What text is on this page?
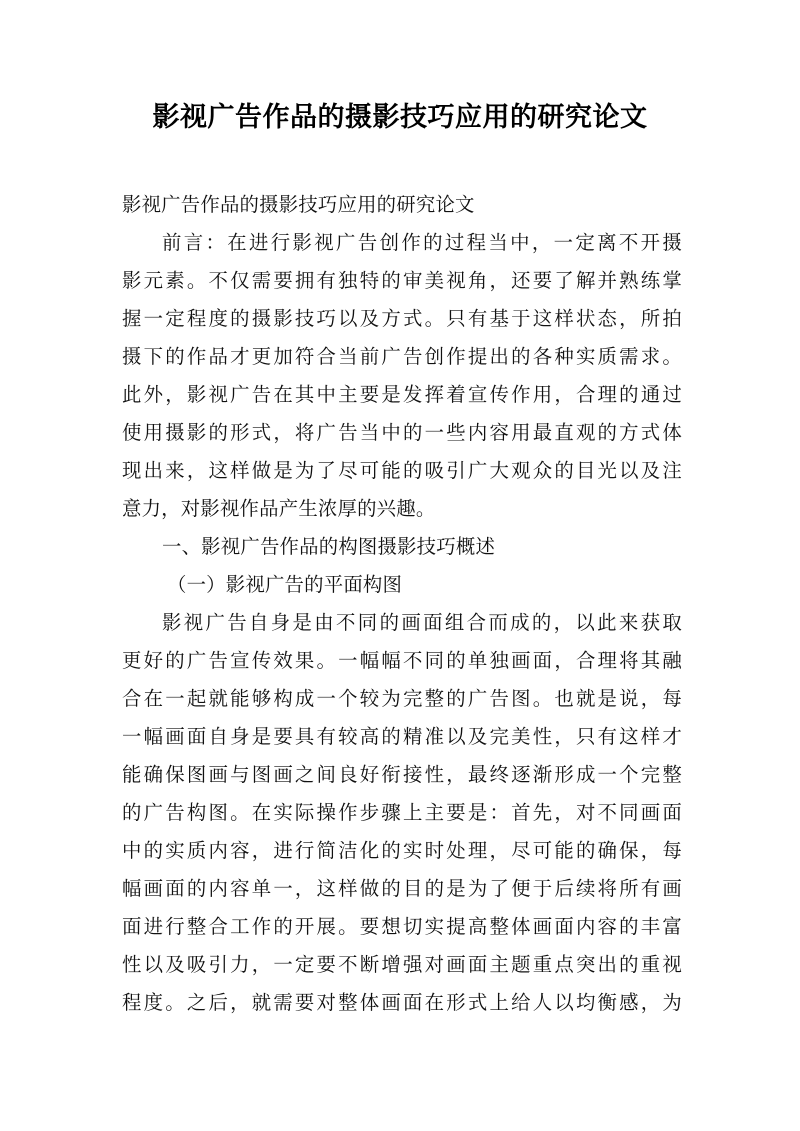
影视广告作品的摄影技巧应用的研究论文
影视广告作品的摄影技巧应用的研究论文
前言：在进行影视广告创作的过程当中，一定离不开摄
影元素。不仅需要拥有独特的审美视角，还要了解并熟练掌
握一定程度的摄影技巧以及方式。只有基于这样状态，所拍
摄下的作品才更加符合当前广告创作提出的各种实质需求。
此外，影视广告在其中主要是发挥着宣传作用，合理的通过
使用摄影的形式，将广告当中的一些内容用最直观的方式体
现出来，这样做是为了尽可能的吸引广大观众的目光以及注
意力，对影视作品产生浓厚的兴趣。
一、影视广告作品的构图摄影技巧概述
（一）影视广告的平面构图
影视广告自身是由不同的画面组合而成的，以此来获取
更好的广告宣传效果。一幅幅不同的单独画面，合理将其融
合在一起就能够构成一个较为完整的广告图。也就是说，每
一幅画面自身是要具有较高的精准以及完美性，只有这样才
能确保图画与图画之间良好衔接性，最终逐渐形成一个完整
的广告构图。在实际操作步骤上主要是：首先，对不同画面
中的实质内容，进行简洁化的实时处理，尽可能的确保，每
幅画面的内容单一，这样做的目的是为了便于后续将所有画
面进行整合工作的开展。要想切实提高整体画面内容的丰富
性以及吸引力，一定要不断增强对画面主题重点突出的重视
程度。之后，就需要对整体画面在形式上给人以均衡感，为
